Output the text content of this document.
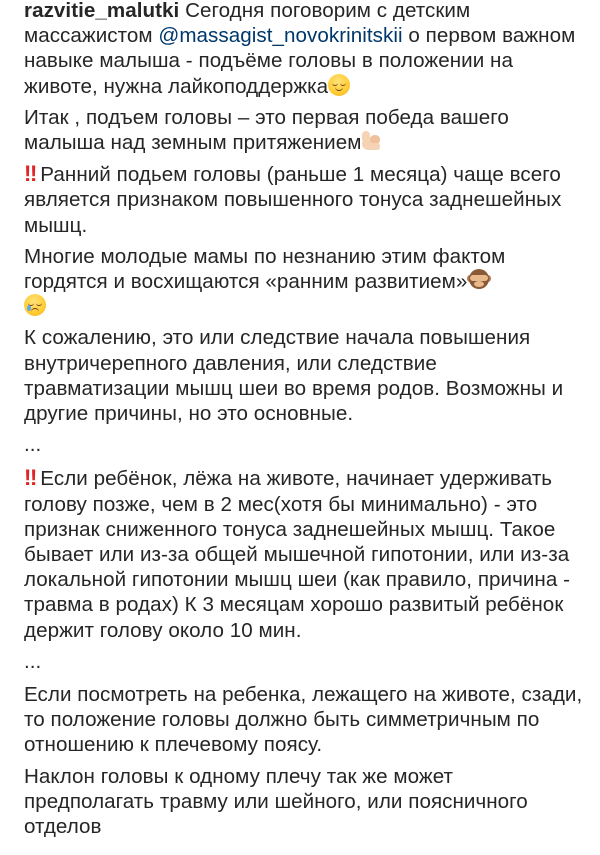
razvitie_malutki Сегодня поговорим с детским массажистом @massagist_novokrinitskii о первом важном навыке малыша - подъёме головы в положении на животе, нужна лайкоподдержка

Итак , подъем головы – это первая победа вашего малыша над земным притяжением

‼ Ранний подьем головы (раньше 1 месяца) чаще всего является признаком повышенного тонуса заднешейных мышц.

Многие молодые мамы по незнанию этим фактом гордятся и восхищаются «ранним развитием»

К сожалению, это или следствие начала повышения внутричерепного давления, или следствие травматизации мышц шеи во время родов. Возможны и другие причины, но это основные.

...

‼ Если ребёнок, лёжа на животе, начинает удерживать голову позже, чем в 2 мес(хотя бы минимально) - это признак сниженного тонуса заднешейных мышц. Такое бывает или из-за общей мышечной гипотонии, или из-за локальной гипотонии мышц шеи (как правило, причина - травма в родах) К 3 месяцам хорошо развитый ребёнок держит голову около 10 мин.

...

Если посмотреть на ребенка, лежащего на животе, сзади, то положение головы должно быть симметричным по отношению к плечевому поясу.

Наклон головы к одному плечу так же может предполагать травму или шейного, или поясничного отделов
